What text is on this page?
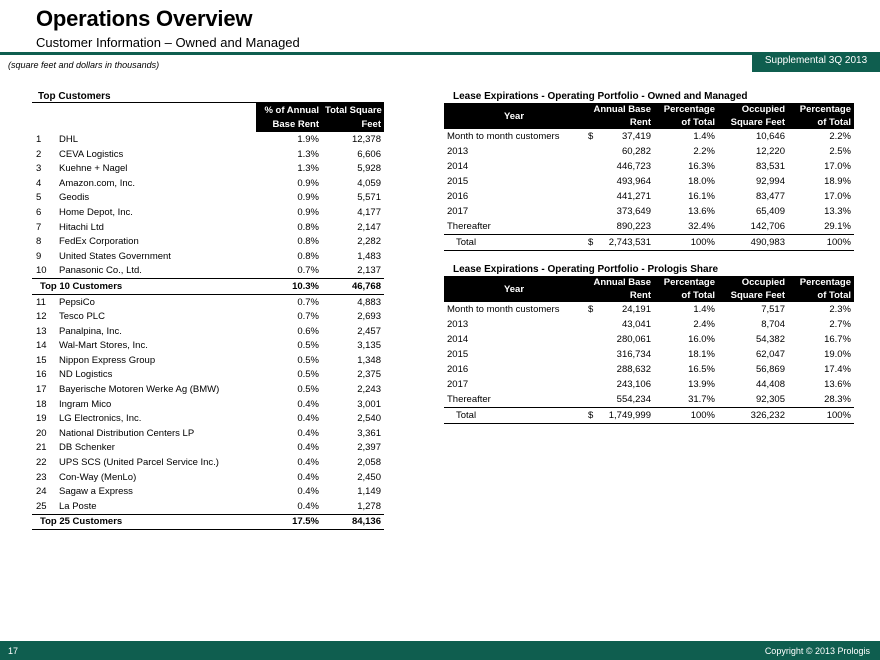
Operations Overview
Customer Information – Owned and Managed
Supplemental 3Q 2013
(square feet and dollars in thousands)
Top Customers
		% of Annual	Total Square
		Base Rent	Feet
1	DHL	1.9%	12,378
2	CEVA Logistics	1.3%	6,606
3	Kuehne + Nagel	1.3%	5,928
4	Amazon.com, Inc.	0.9%	4,059
5	Geodis	0.9%	5,571
6	Home Depot, Inc.	0.9%	4,177
7	Hitachi Ltd	0.8%	2,147
8	FedEx Corporation	0.8%	2,282
9	United States Government	0.8%	1,483
10	Panasonic Co., Ltd.	0.7%	2,137
Top 10 Customers		10.3%	46,768
11	PepsiCo	0.7%	4,883
12	Tesco PLC	0.7%	2,693
13	Panalpina, Inc.	0.6%	2,457
14	Wal-Mart Stores, Inc.	0.5%	3,135
15	Nippon Express Group	0.5%	1,348
16	ND Logistics	0.5%	2,375
17	Bayerische Motoren Werke Ag (BMW)	0.5%	2,243
18	Ingram Mico	0.4%	3,001
19	LG Electronics, Inc.	0.4%	2,540
20	National Distribution Centers LP	0.4%	3,361
21	DB Schenker	0.4%	2,397
22	UPS SCS (United Parcel Service Inc.)	0.4%	2,058
23	Con-Way (MenLo)	0.4%	2,450
24	Sagaw a Express	0.4%	1,149
25	La Poste	0.4%	1,278
Top 25 Customers		17.5%	84,136
Lease Expirations - Operating Portfolio - Owned and Managed
Year	Annual Base	Percentage	Occupied	Percentage
	Rent	of Total	Square Feet	of Total
Month to month customers	$ 37,419	1.4%	10,646	2.2%
2013	60,282	2.2%	12,220	2.5%
2014	446,723	16.3%	83,531	17.0%
2015	493,964	18.0%	92,994	18.9%
2016	441,271	16.1%	83,477	17.0%
2017	373,649	13.6%	65,409	13.3%
Thereafter	890,223	32.4%	142,706	29.1%
Total	$ 2,743,531	100%	490,983	100%
Lease Expirations - Operating Portfolio - Prologis Share
Year	Annual Base	Percentage	Occupied	Percentage
	Rent	of Total	Square Feet	of Total
Month to month customers	$ 24,191	1.4%	7,517	2.3%
2013	43,041	2.4%	8,704	2.7%
2014	280,061	16.0%	54,382	16.7%
2015	316,734	18.1%	62,047	19.0%
2016	288,632	16.5%	56,869	17.4%
2017	243,106	13.9%	44,408	13.6%
Thereafter	554,234	31.7%	92,305	28.3%
Total	$ 1,749,999	100%	326,232	100%
17	Copyright © 2013 Prologis
